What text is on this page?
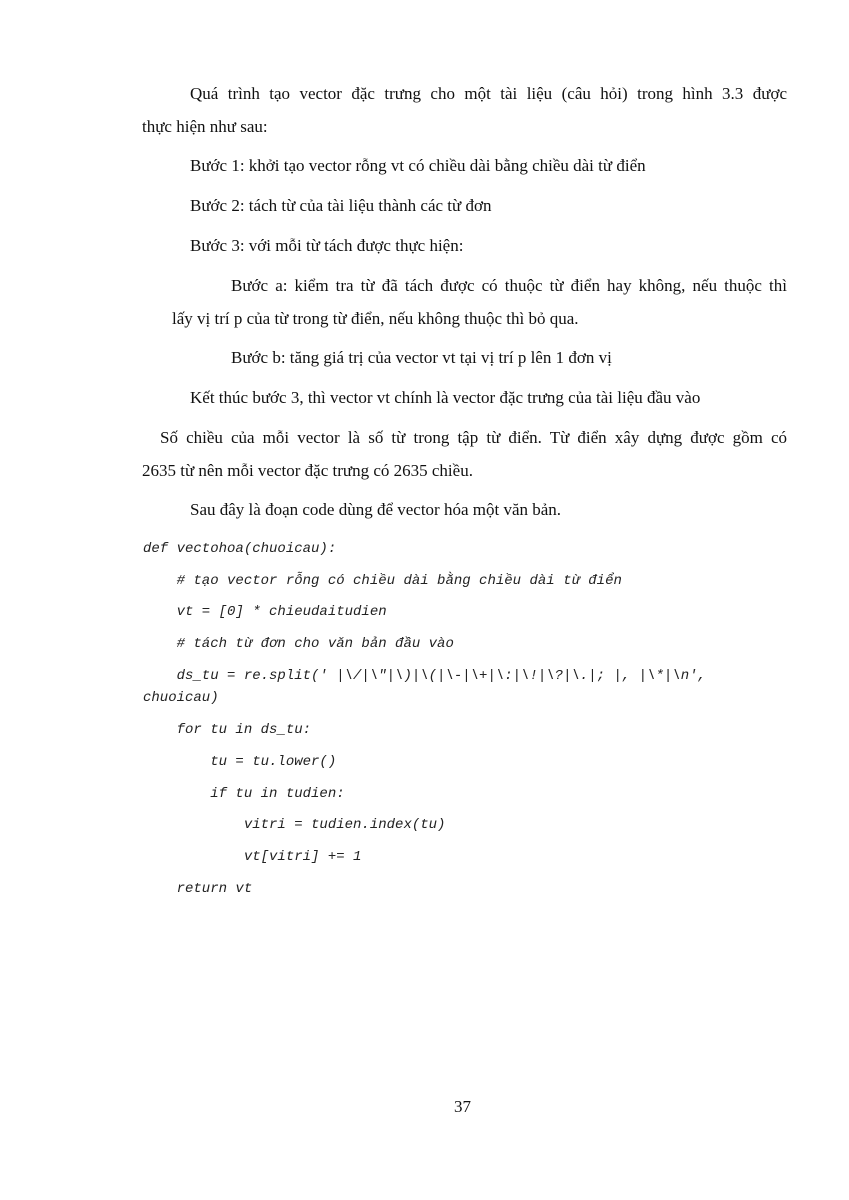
Quá trình tạo vector đặc trưng cho một tài liệu (câu hỏi) trong hình 3.3 được
thực hiện như sau:
Bước 1: khởi tạo vector rỗng vt có chiều dài bằng chiều dài từ điển
Bước 2: tách từ của tài liệu thành các từ đơn
Bước 3: với mỗi từ tách được thực hiện:
Bước a: kiểm tra từ đã tách được có thuộc từ điển hay không, nếu thuộc thì
lấy vị trí p của từ trong từ điển, nếu không thuộc thì bỏ qua.
Bước b: tăng giá trị của vector vt tại vị trí p lên 1 đơn vị
Kết thúc bước 3, thì vector vt chính là vector đặc trưng của tài liệu đầu vào
Số chiều của mỗi vector là số từ trong tập từ điển. Từ điển xây dựng được gồm có
2635 từ nên mỗi vector đặc trưng có 2635 chiều.
Sau đây là đoạn code dùng để vector hóa một văn bản.
def vectohoa(chuoicau):
# tạo vector rỗng có chiều dài bằng chiều dài từ điển
vt = [0] * chieudaitudien
# tách từ đơn cho văn bản đầu vào
ds_tu = re.split(' |\/|\"|\)|\(|\-|\+|\:|\!|\?|\.|; |, |\*|\n',
chuoicau)
for tu in ds_tu:
tu = tu.lower()
if tu in tudien:
vitri = tudien.index(tu)
vt[vitri] += 1
return vt
37
